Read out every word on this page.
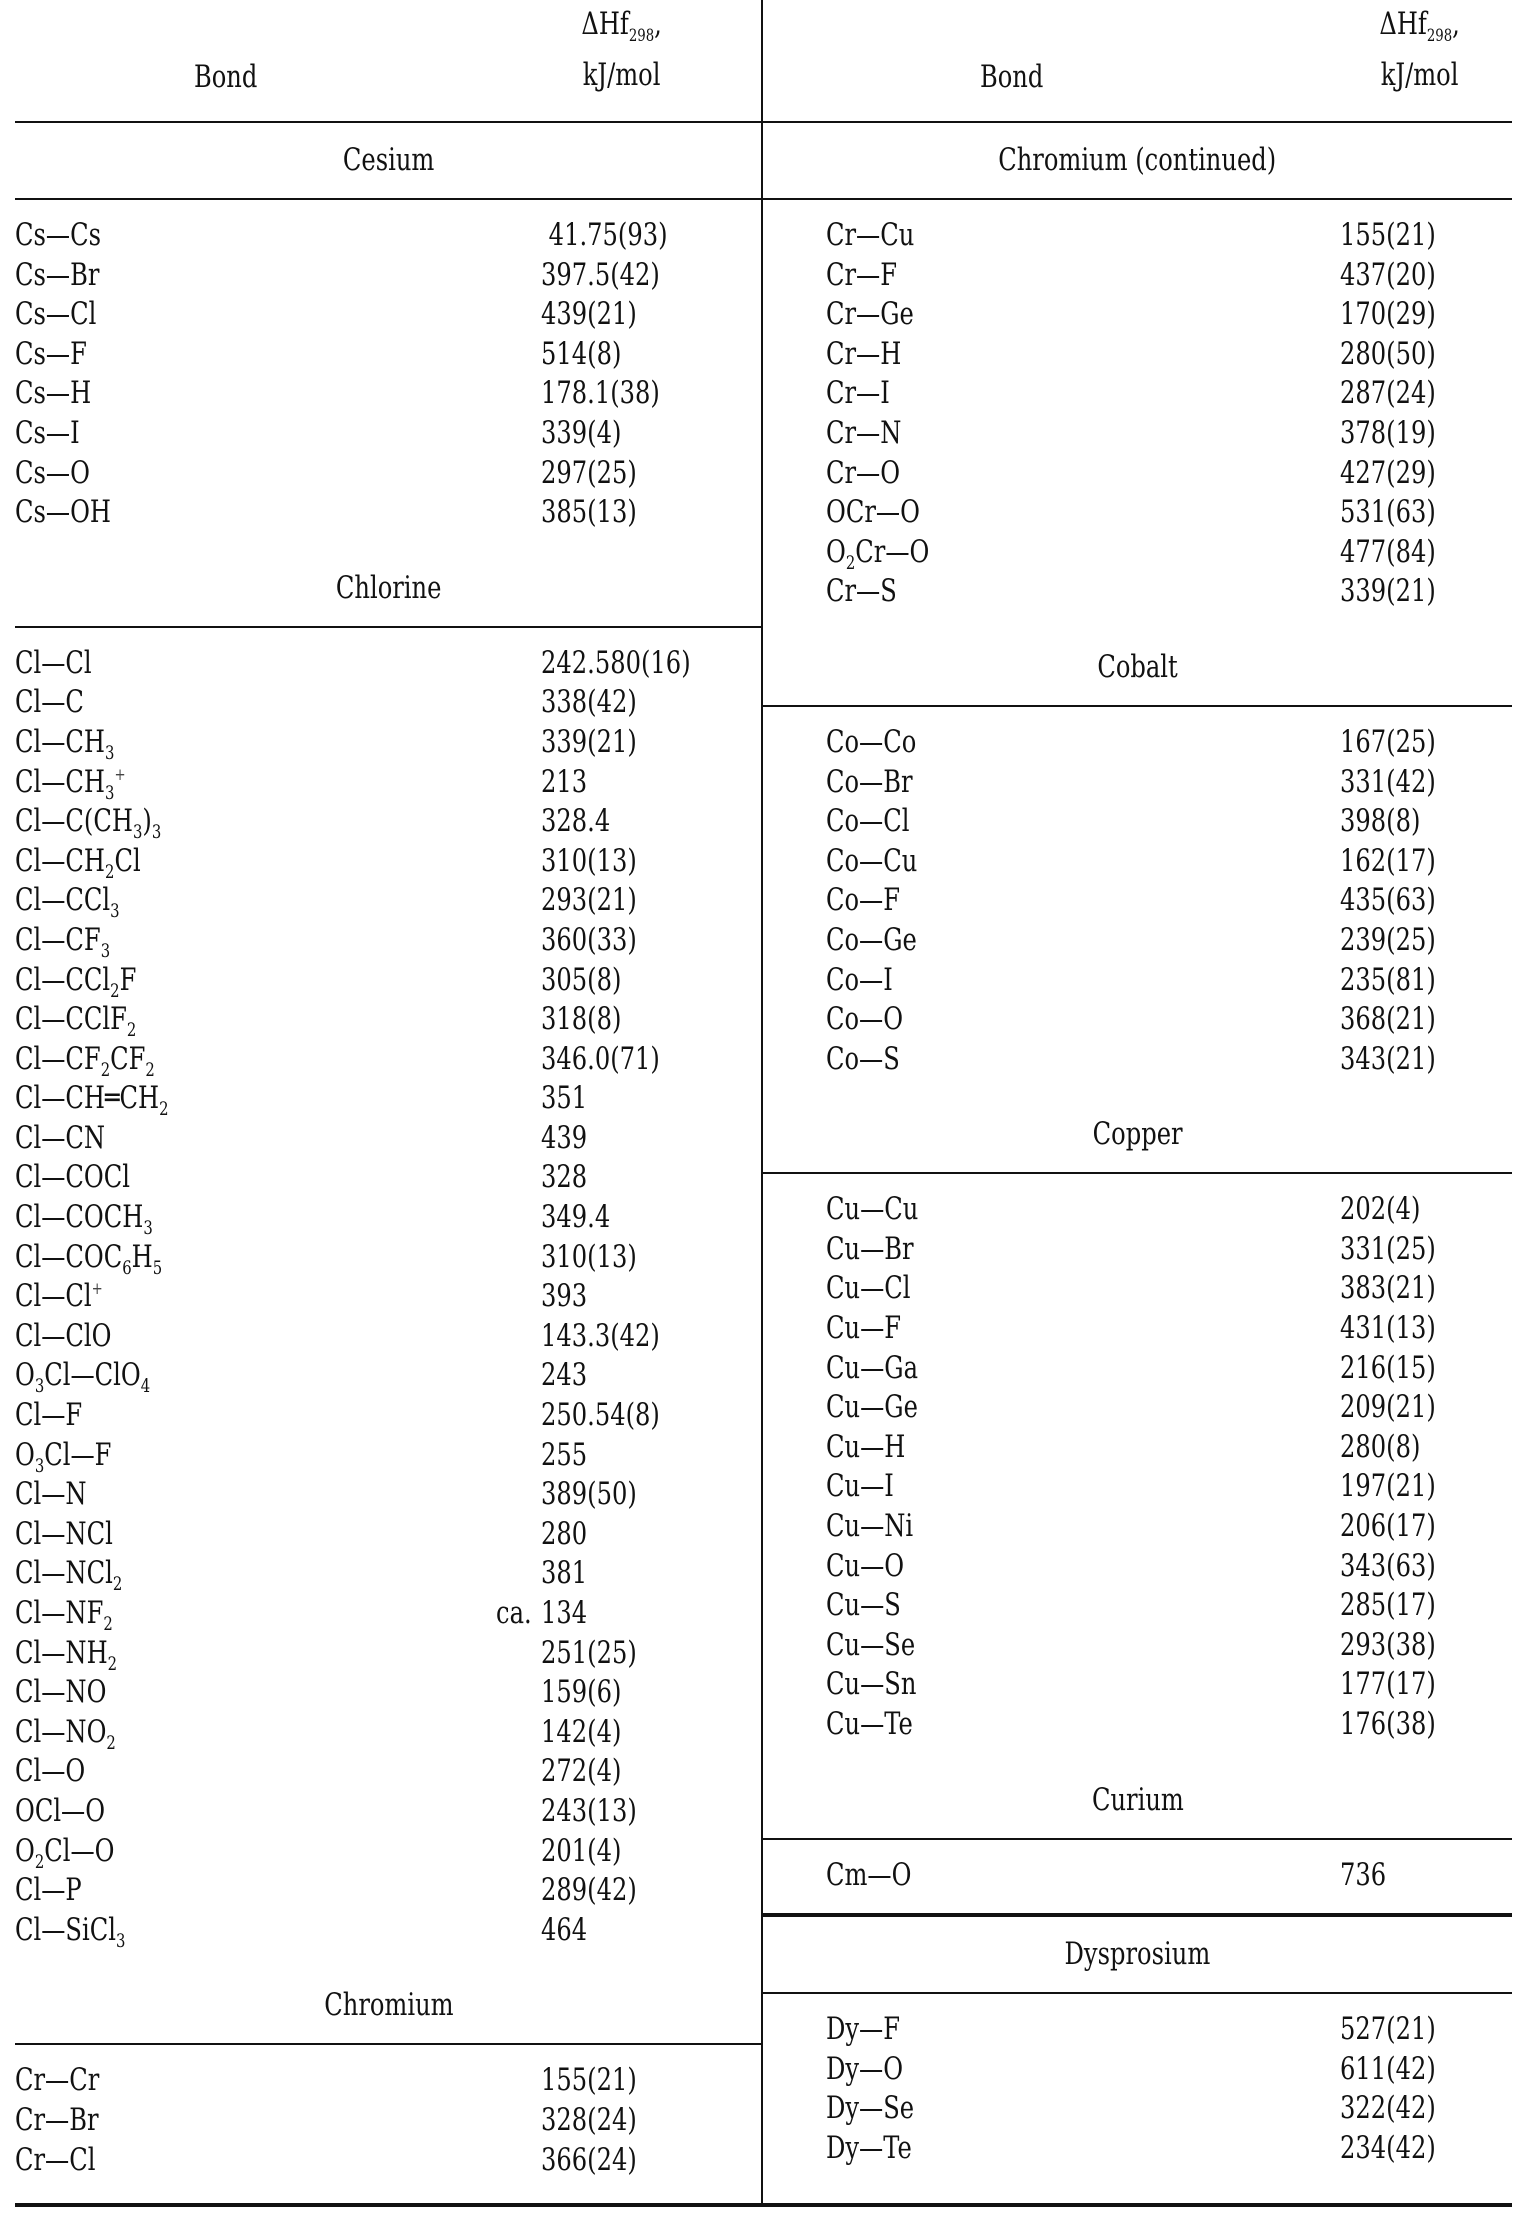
Bond
ΔHf$_{298}$,
kJ/mol
Cesium
Cs—Cs	41.75(93)
Cs—Br	397.5(42)
Cs—Cl	439(21)
Cs—F	514(8)
Cs—H	178.1(38)
Cs—I	339(4)
Cs—O	297(25)
Cs—OH	385(13)
Chlorine
Cl—Cl	242.580(16)
Cl—C	338(42)
$Cl—CH_3$	339(21)
$Cl—CH_3^+$	213
$Cl—C(CH_3)_3$	328.4
$Cl—CH_2Cl$	310(13)
Cl—CCl$_3$	293(21)
$Cl—CF_3$	360(33)
Cl—CCl$_2$F	305(8)
Cl—CClF$_2$	318(8)
$Cl—CF_2CF_2$	346.0(71)
$Cl—CH═CH_2$	351
Cl—CN	439
Cl—COCl	328
$Cl—COCH_3$	349.4
$Cl—COC_6H_5$	310(13)
Cl—Cl+	393
Cl—ClO	143.3(42)
$O_3Cl—ClO_4$	243
Cl—F	250.54(8)
$O_3Cl—F$	255
Cl—N	389(50)
Cl—NCl	280
Cl—NCl$_2$	381
$Cl—NF_2$	ca. 134
$Cl—NH_2$	251(25)
Cl—NO	159(6)
$Cl—NO_2$	142(4)
Cl—O	272(4)
OCl—O	243(13)
$O_2Cl—O$	201(4)
Cl—P	289(42)
Cl—SiCl$_3$	464
Chromium
Cr—Cr	155(21)
Cr—Br	328(24)
Cr—Cl	366(24)
Bond
ΔHf$_{298}$,
kJ/mol
Chromium (continued)
Cr—Cu	155(21)
Cr—F	437(20)
Cr—Ge	170(29)
Cr—H	280(50)
Cr—I	287(24)
Cr—N	378(19)
Cr—O	427(29)
OCr—O	531(63)
$O_2Cr—O$	477(84)
Cr—S	339(21)
Cobalt
Co—Co	167(25)
Co—Br	331(42)
Co—Cl	398(8)
Co—Cu	162(17)
Co—F	435(63)
Co—Ge	239(25)
Co—I	235(81)
Co—O	368(21)
Co—S	343(21)
Copper
Cu—Cu	202(4)
Cu—Br	331(25)
Cu—Cl	383(21)
Cu—F	431(13)
Cu—Ga	216(15)
Cu—Ge	209(21)
Cu—H	280(8)
Cu—I	197(21)
Cu—Ni	206(17)
Cu—O	343(63)
Cu—S	285(17)
Cu—Se	293(38)
Cu—Sn	177(17)
Cu—Te	176(38)
Curium
Cm—O	736
Dysprosium
Dy—F	527(21)
Dy—O	611(42)
Dy—Se	322(42)
Dy—Te	234(42)
